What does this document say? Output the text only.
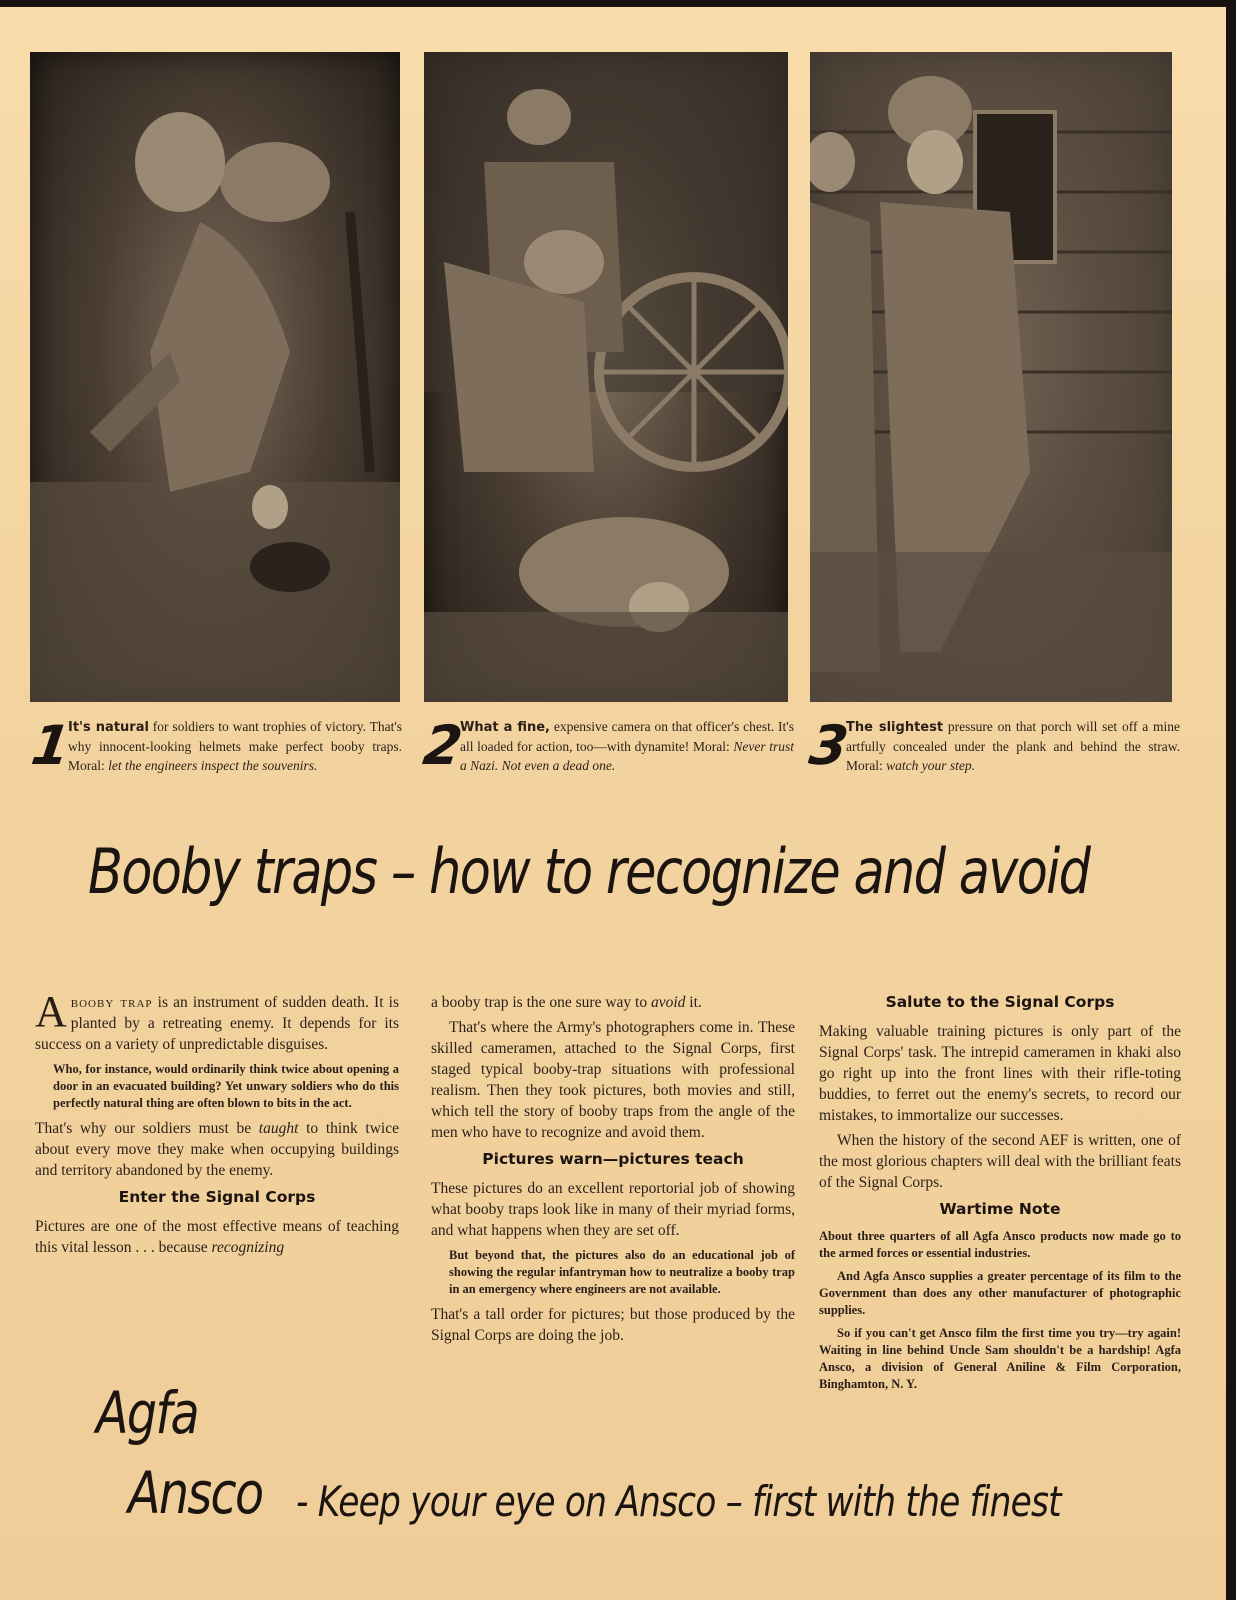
1
It's natural for soldiers to want trophies of victory. That's why innocent-looking helmets make perfect booby traps. Moral: let the engineers inspect the souvenirs.	2
What a fine, expensive camera on that officer's chest. It's all loaded for action, too—with dynamite! Moral: Never trust a Nazi. Not even a dead one.	3
The slightest pressure on that porch will set off a mine artfully concealed under the plank and behind the straw. Moral: watch your step.
Booby traps – how to recognize and avoid

Abooby trap is an instrument of sudden death. It is planted by a retreating enemy. It depends for its success on a variety of unpredictable disguises.

Who, for instance, would ordinarily think twice about opening a door in an evacuated building? Yet unwary soldiers who do this perfectly natural thing are often blown to bits in the act.

That's why our soldiers must be taught to think twice about every move they make when occupying buildings and territory abandoned by the enemy.

Enter the Signal Corps

Pictures are one of the most effective means of teaching this vital lesson . . . because recognizing

a booby trap is the one sure way to avoid it.

That's where the Army's photographers come in. These skilled cameramen, attached to the Signal Corps, first staged typical booby-trap situations with professional realism. Then they took pictures, both movies and still, which tell the story of booby traps from the angle of the men who have to recognize and avoid them.

Pictures warn—pictures teach

These pictures do an excellent reportorial job of showing what booby traps look like in many of their myriad forms, and what happens when they are set off.

But beyond that, the pictures also do an educational job of showing the regular infantryman how to neutralize a booby trap in an emergency where engineers are not available.

That's a tall order for pictures; but those produced by the Signal Corps are doing the job.

Salute to the Signal Corps

Making valuable training pictures is only part of the Signal Corps' task. The intrepid cameramen in khaki also go right up into the front lines with their rifle-toting buddies, to ferret out the enemy's secrets, to record our mistakes, to immortalize our successes.

When the history of the second AEF is written, one of the most glorious chapters will deal with the brilliant feats of the Signal Corps.

Wartime Note

About three quarters of all Agfa Ansco products now made go to the armed forces or essential industries.

And Agfa Ansco supplies a greater percentage of its film to the Government than does any other manufacturer of photographic supplies.

So if you can't get Ansco film the first time you try—try again! Waiting in line behind Uncle Sam shouldn't be a hardship! Agfa Ansco, a division of General Aniline & Film Corporation, Binghamton, N. Y.

Agfa
Ansco - Keep your eye on Ansco – first with the finest
